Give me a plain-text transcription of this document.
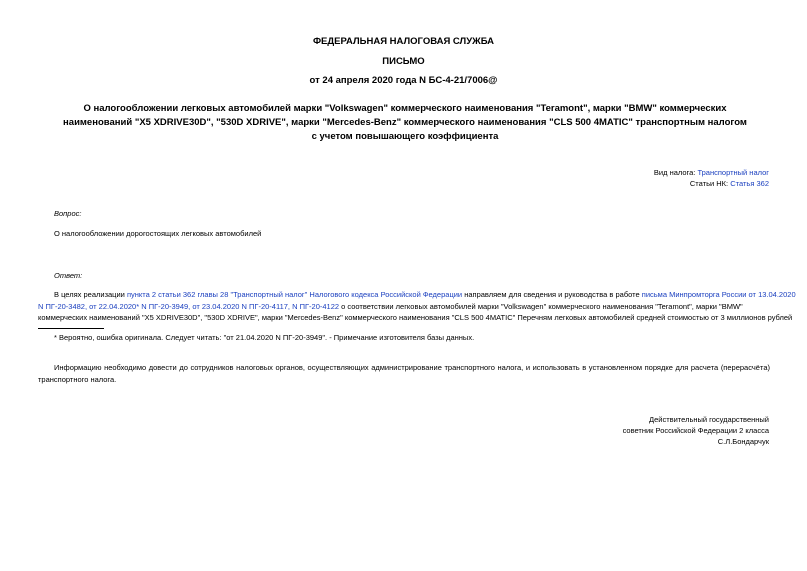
ФЕДЕРАЛЬНАЯ НАЛОГОВАЯ СЛУЖБА
ПИСЬМО
от 24 апреля 2020 года N БС-4-21/7006@
О налогообложении легковых автомобилей марки "Volkswagen" коммерческого наименования "Teramont", марки "BMW" коммерческих наименований "X5 XDRIVE30D", "530D XDRIVE", марки "Mercedes-Benz" коммерческого наименования "CLS 500 4MATIC" транспортным налогом с учетом повышающего коэффициента
Вид налога: Транспортный налог
Статьи НК: Статья 362
Вопрос:
О налогообложении дорогостоящих легковых автомобилей
Ответ:
В целях реализации пункта 2 статьи 362 главы 28 "Транспортный налог" Налогового кодекса Российской Федерации направляем для сведения и руководства в работе письма Минпромторга России от 13.04.2020
N ПГ-20-3482, от 22.04.2020* N ПГ-20-3949, от 23.04.2020 N ПГ-20-4117, N ПГ-20-4122 о соответствии легковых автомобилей марки "Volkswagen" коммерческого наименования "Teramont", марки "BMW"
коммерческих наименований "X5 XDRIVE30D", "530D XDRIVE", марки "Mercedes-Benz" коммерческого наименования "CLS 500 4MATIC" Перечням легковых автомобилей средней стоимостью от 3 миллионов рублей
* Вероятно, ошибка оригинала. Следует читать: "от 21.04.2020 N ПГ-20-3949". - Примечание изготовителя базы данных.
Информацию необходимо довести до сотрудников налоговых органов, осуществляющих администрирование транспортного налога, и использовать в установленном порядке для расчета (перерасчёта) транспортного налога.
Действительный государственный
советник Российской Федерации 2 класса
С.Л.Бондарчук
